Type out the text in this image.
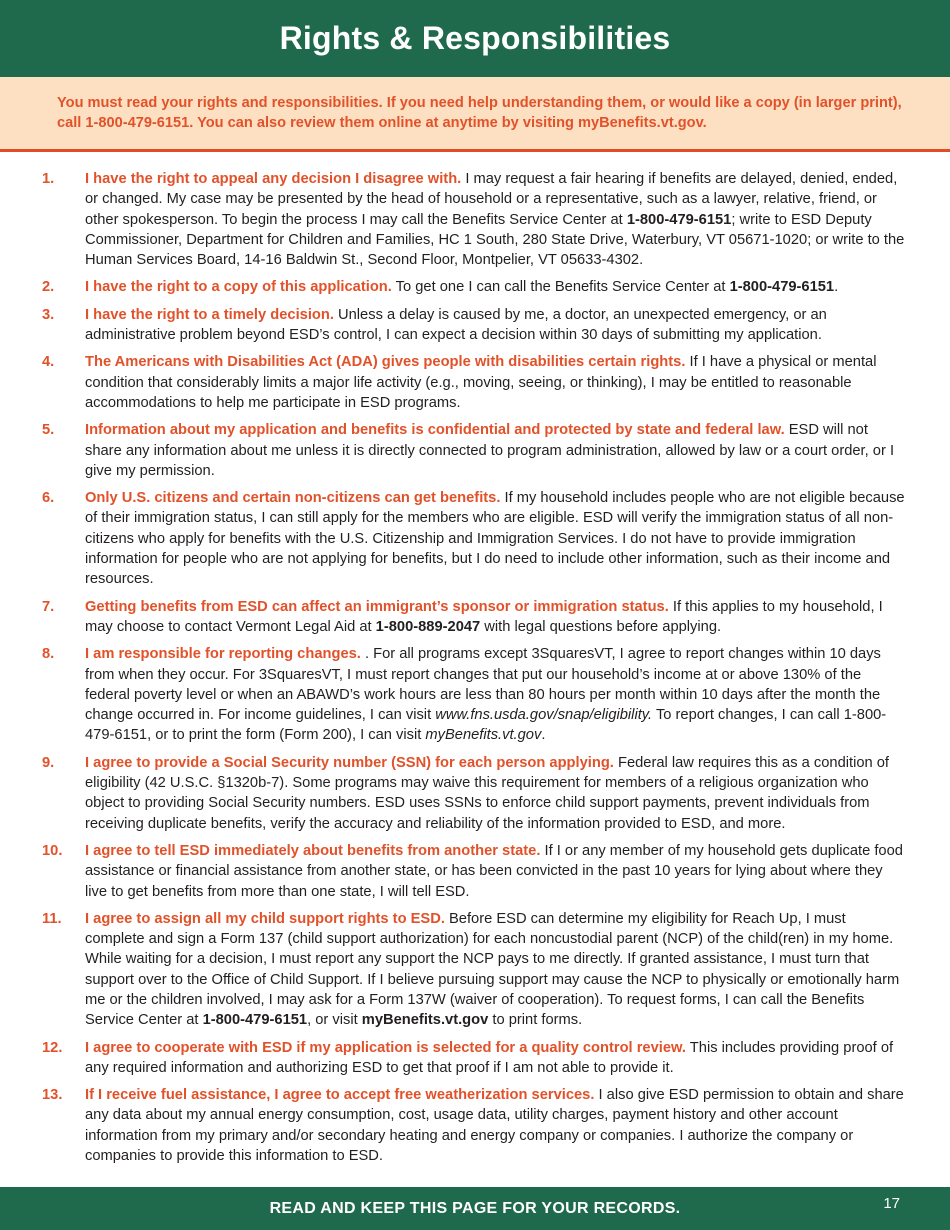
Rights & Responsibilities

You must read your rights and responsibilities. If you need help understanding them, or would like a copy (in larger print), call 1-800-479-6151. You can also review them online at anytime by visiting myBenefits.vt.gov.

1. I have the right to appeal any decision I disagree with. I may request a fair hearing if benefits are delayed, denied, ended, or changed. My case may be presented by the head of household or a representative, such as a lawyer, relative, friend, or other spokesperson. To begin the process I may call the Benefits Service Center at 1-800-479-6151; write to ESD Deputy Commissioner, Department for Children and Families, HC 1 South, 280 State Drive, Waterbury, VT 05671-1020; or write to the Human Services Board, 14-16 Baldwin St., Second Floor, Montpelier, VT 05633-4302.
2. I have the right to a copy of this application. To get one I can call the Benefits Service Center at 1-800-479-6151.
3. I have the right to a timely decision. Unless a delay is caused by me, a doctor, an unexpected emergency, or an administrative problem beyond ESD’s control, I can expect a decision within 30 days of submitting my application.
4. The Americans with Disabilities Act (ADA) gives people with disabilities certain rights. If I have a physical or mental condition that considerably limits a major life activity (e.g., moving, seeing, or thinking), I may be entitled to reasonable accommodations to help me participate in ESD programs.
5. Information about my application and benefits is confidential and protected by state and federal law. ESD will not share any information about me unless it is directly connected to program administration, allowed by law or a court order, or I give my permission.
6. Only U.S. citizens and certain non-citizens can get benefits. If my household includes people who are not eligible because of their immigration status, I can still apply for the members who are eligible. ESD will verify the immigration status of all non-citizens who apply for benefits with the U.S. Citizenship and Immigration Services. I do not have to provide immigration information for people who are not applying for benefits, but I do need to include other information, such as their income and resources.
7. Getting benefits from ESD can affect an immigrant’s sponsor or immigration status. If this applies to my household, I may choose to contact Vermont Legal Aid at 1-800-889-2047 with legal questions before applying.
8. I am responsible for reporting changes. . For all programs except 3SquaresVT, I agree to report changes within 10 days from when they occur. For 3SquaresVT, I must report changes that put our household’s income at or above 130% of the federal poverty level or when an ABAWD’s work hours are less than 80 hours per month within 10 days after the month the change occurred in. For income guidelines, I can visit www.fns.usda.gov/snap/eligibility. To report changes, I can call 1-800-479-6151, or to print the form (Form 200), I can visit myBenefits.vt.gov.
9. I agree to provide a Social Security number (SSN) for each person applying. Federal law requires this as a condition of eligibility (42 U.S.C. §1320b-7). Some programs may waive this requirement for members of a religious organization who object to providing Social Security numbers. ESD uses SSNs to enforce child support payments, prevent individuals from receiving duplicate benefits, verify the accuracy and reliability of the information provided to ESD, and more.
10. I agree to tell ESD immediately about benefits from another state. If I or any member of my household gets duplicate food assistance or financial assistance from another state, or has been convicted in the past 10 years for lying about where they live to get benefits from more than one state, I will tell ESD.
11. I agree to assign all my child support rights to ESD. Before ESD can determine my eligibility for Reach Up, I must complete and sign a Form 137 (child support authorization) for each noncustodial parent (NCP) of the child(ren) in my home. While waiting for a decision, I must report any support the NCP pays to me directly. If granted assistance, I must turn that support over to the Office of Child Support. If I believe pursuing support may cause the NCP to physically or emotionally harm me or the children involved, I may ask for a Form 137W (waiver of cooperation). To request forms, I can call the Benefits Service Center at 1-800-479-6151, or visit myBenefits.vt.gov to print forms.
12. I agree to cooperate with ESD if my application is selected for a quality control review. This includes providing proof of any required information and authorizing ESD to get that proof if I am not able to provide it.
13. If I receive fuel assistance, I agree to accept free weatherization services. I also give ESD permission to obtain and share any data about my annual energy consumption, cost, usage data, utility charges, payment history and other account information from my primary and/or secondary heating and energy company or companies. I authorize the company or companies to provide this information to ESD.
READ AND KEEP THIS PAGE FOR YOUR RECORDS.	17
